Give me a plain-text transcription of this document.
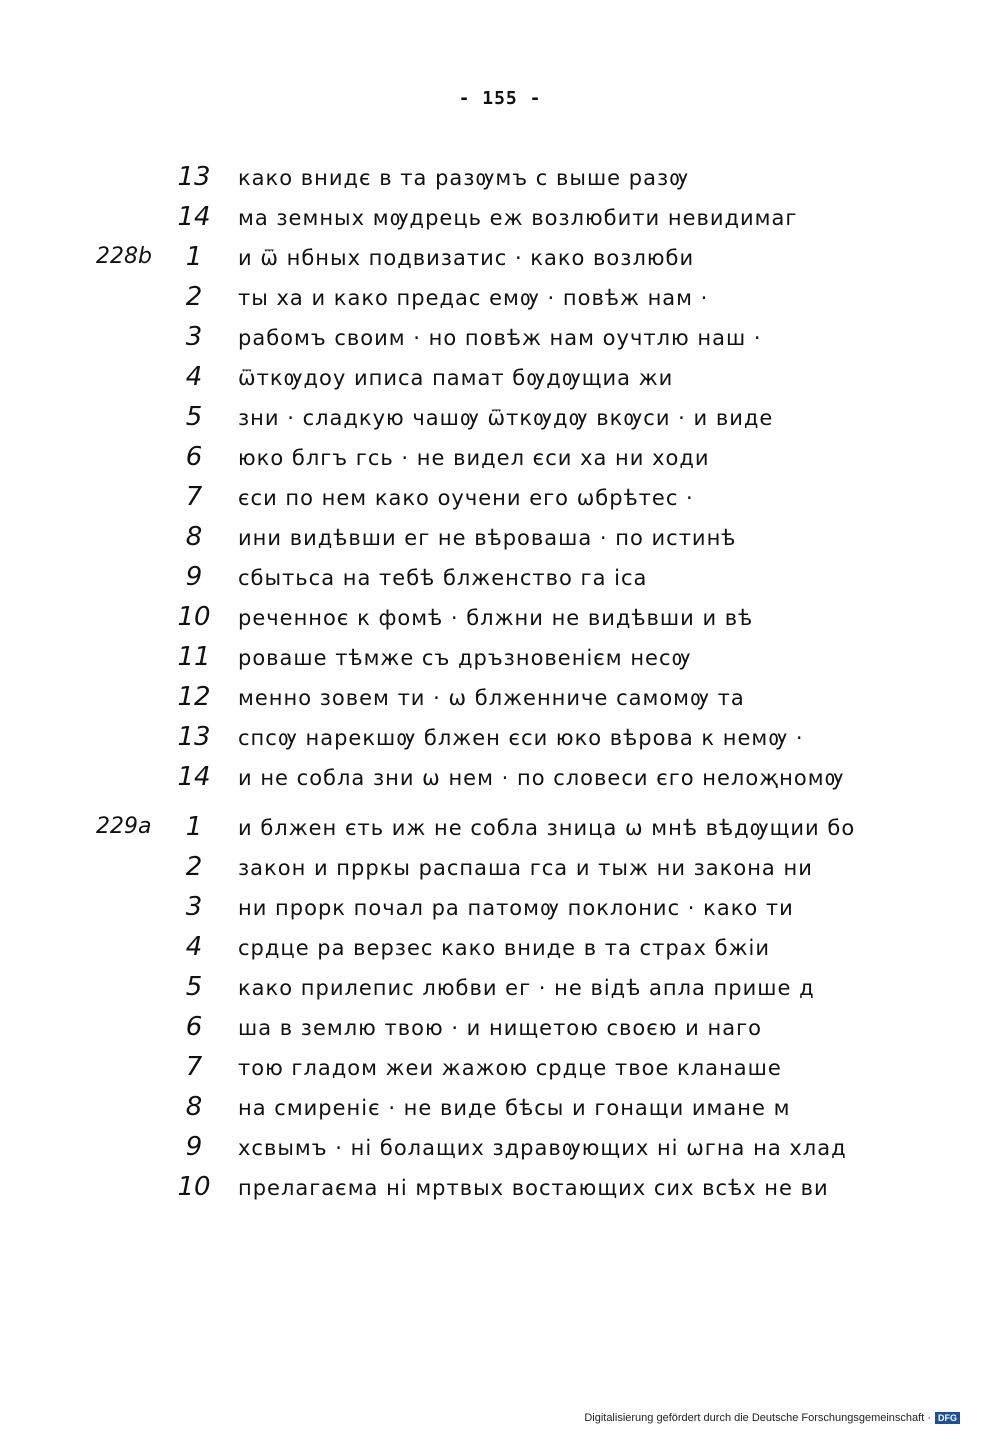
- 155 -
13	како внидє в та разѹмъ с выше разѹ
14	ма земных мѹдрець еж возлюбити невидимаг
228b	1	и ѿ нбных подвизатис · како возлюби
2	ты ха и како предас емѹ · повѣж нам ·
3	рабомъ своим · но повѣж нам оучтлю наш ·
4	ѿткѹдоу иписа памат бѹдѹщиа жи
5	зни · сладкую чашѹ ѿткѹдѹ вкѹси · и виде
6	юко блгъ гсь · не видел єси ха ни ходи
7	єси по нем како оучени его ѡбрѣтес ·
8	ини видѣвши ег не вѣроваша · по истинѣ
9	сбытьса на тебѣ блженство га іса
10	реченноє к фомѣ · блжни не видѣвши и вѣ
11	роваше тѣмже съ дръзновенієм несѹ
12	менно зовем ти · ѡ блженниче самомѹ та
13	спсѹ нарекшѹ блжен єси юко вѣрова к немѹ ·
14	и не собла зни ѡ нем · по словеси єго нелоҗномѹ
229a	1	и блжен єть иж не собла зница ѡ мнѣ вѣдѹщии бо
2	закон и прркы распаша гса и тыж ни закона ни
3	ни прорк почал ра патомѹ поклонис · како ти
4	срдце ра верзес како вниде в та страх бжіи
5	како прилепис любви ег · не відѣ апла прише д
6	ша в землю твою · и нищетою своєю и наго
7	тою гладом жеи жажою срдце твое кланаше
8	на смиреніє · не виде бѣсы и гонащи имане м
9	хсвымъ · ні болащих здравѹющих ні ѡгна на хлад
10	прелагаєма ні мртвых востающих сих всѣх не ви
Digitalisierung gefördert durch die Deutsche Forschungsgemeinschaft · DFG
